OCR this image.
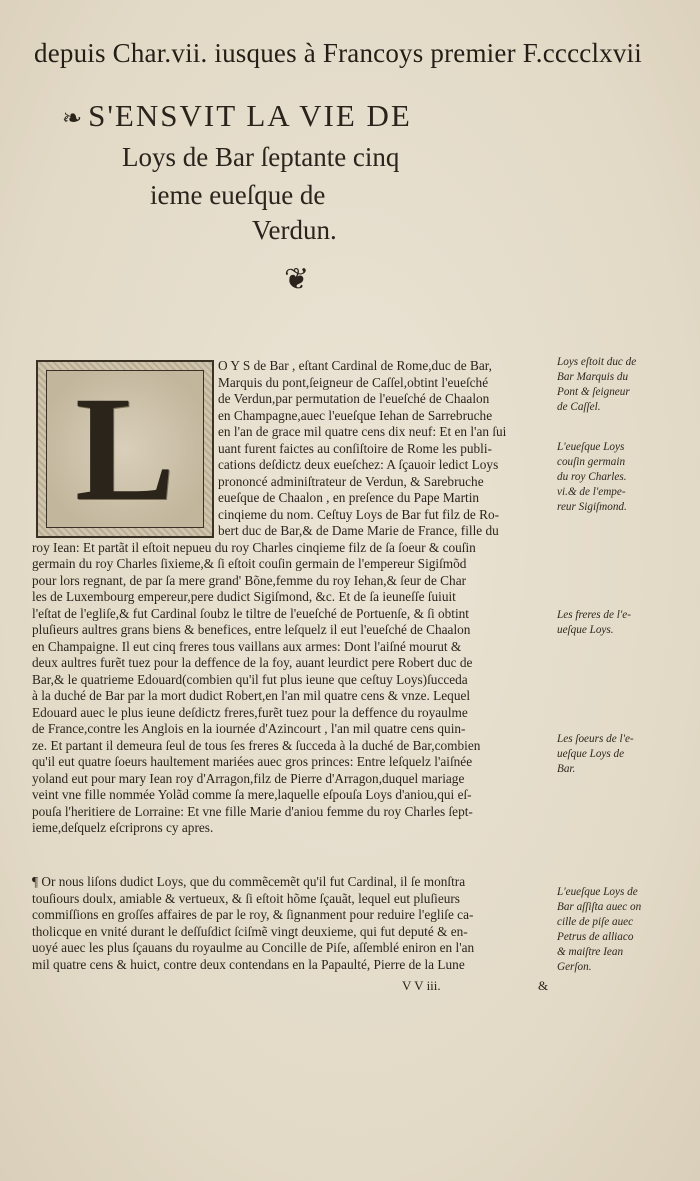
depuis Char.vii. iusques à Francoys premier F.cccclxvii
❧ S'ENSVIT LA VIE DE
Loys de Bar ſeptante cinq
ieme eueſque de
Verdun.
❦
L
O Y S de Bar , eſtant Cardinal de Rome,duc de Bar,
Marquis du pont,ſeigneur de Caſſel,obtint l'eueſché
de Verdun,par permutation de l'eueſché de Chaalon
en Champagne,auec l'eueſque Iehan de Sarrebruche
en l'an de grace mil quatre cens dix neuf: Et en l'an ſui
uant furent faictes au conſiſtoire de Rome les publi-
cations deſdictz deux eueſchez: A ſçauoir ledict Loys
prononcé adminiſtrateur de Verdun, & Sarebruche
eueſque de Chaalon , en preſence du Pape Martin
cinqieme du nom. Ceſtuy Loys de Bar fut filz de Ro-
bert duc de Bar,& de Dame Marie de France, fille du
roy Iean: Et partãt il eſtoit nepueu du roy Charles cinqieme filz de ſa ſoeur & couſin
germain du roy Charles ſixieme,& ſi eſtoit couſin germain de l'empereur Sigiſmõd
pour lors regnant, de par ſa mere grand' Bõne,femme du roy Iehan,& ſeur de Char
les de Luxembourg empereur,pere dudict Sigiſmond, &c. Et de ſa ieuneſſe ſuiuit
l'eſtat de l'egliſe,& fut Cardinal ſoubz le tiltre de l'eueſché de Portuenſe, & ſi obtint
pluſieurs aultres grans biens & benefices, entre leſquelz il eut l'eueſché de Chaalon
en Champaigne. Il eut cinq freres tous vaillans aux armes: Dont l'aiſné mourut &
deux aultres furẽt tuez pour la deffence de la foy, auant leurdict pere Robert duc de
Bar,& le quatrieme Edouard(combien qu'il fut plus ieune que ceſtuy Loys)ſucceda
à la duché de Bar par la mort dudict Robert,en l'an mil quatre cens & vnze. Lequel
Edouard auec le plus ieune deſdictz freres,furẽt tuez pour la deffence du royaulme
de France,contre les Anglois en la iournée d'Azincourt , l'an mil quatre cens quin-
ze. Et partant il demeura ſeul de tous ſes freres & ſucceda à la duché de Bar,combien
qu'il eut quatre ſoeurs haultement mariées auec gros princes: Entre leſquelz l'aiſnée
yoland eut pour mary Iean roy d'Arragon,filz de Pierre d'Arragon,duquel mariage
veint vne fille nommée Yolãd comme ſa mere,laquelle eſpouſa Loys d'aniou,qui eſ-
pouſa l'heritiere de Lorraine: Et vne fille Marie d'aniou femme du roy Charles ſept-
ieme,deſquelz eſcriprons cy apres.
¶ Or nous liſons dudict Loys, que du commẽcemẽt qu'il fut Cardinal, il ſe monſtra
touſiours doulx, amiable & vertueux, & ſi eſtoit hõme ſçauãt, lequel eut pluſieurs
commiſſions en groſſes affaires de par le roy, & ſignanment pour reduire l'egliſe ca-
tholicque en vnité durant le deſſuſdict ſciſmẽ vingt deuxieme, qui fut deputé & en-
uoyé auec les plus ſçauans du royaulme au Concille de Piſe, aſſemblé eniron en l'an
mil quatre cens & huict, contre deux contendans en la Papaulté, Pierre de la Lune
Loys eſtoit duc de
Bar Marquis du
Pont & ſeigneur
de Caſſel.
L'eueſque Loys
couſin germain
du roy Charles.
vi.& de l'empe-
reur Sigiſmond.
Les freres de l'e-
ueſque Loys.
Les ſoeurs de l'e-
ueſque Loys de
Bar.
L'eueſque Loys de
Bar aſſiſta auec on
cille de piſe auec
Petrus de alliaco
& maiſtre Iean
Gerſon.
V V iii.	&
